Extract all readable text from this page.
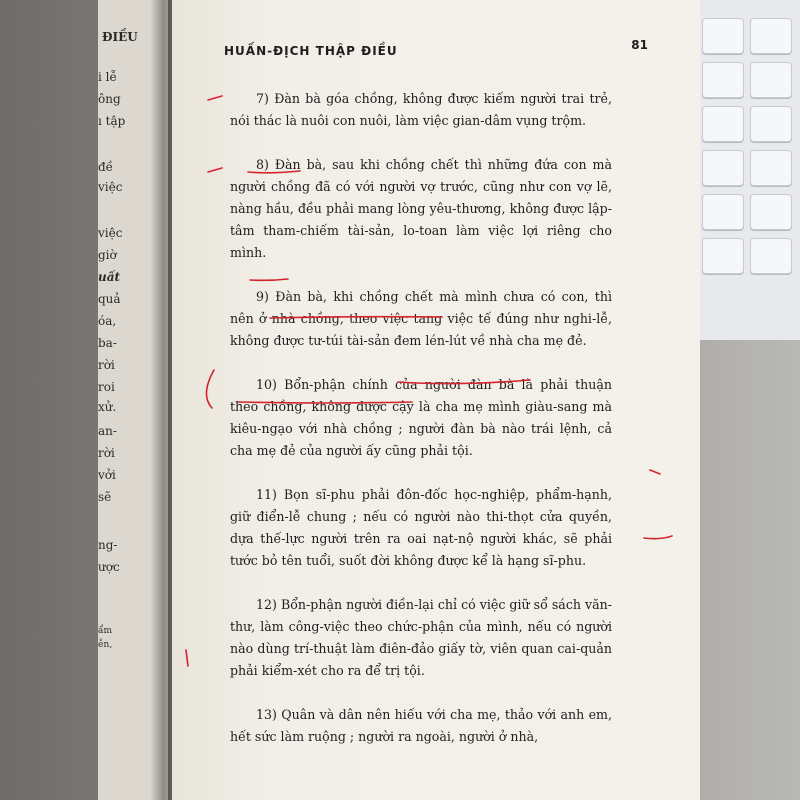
ĐIỀU
i lễ
ông
ı tập
đề
việc
việc
giờ
uất
quả
óa,
ba-
rời
roi
xử.
an-
rời
vởi
sẽ
ng-
ược
ẩm
ễn,
HUẤN-ĐỊCH THẬP ĐIỀU	81

7) Đàn bà góa chồng, không được kiếm người trai trẻ, nói thác là nuôi con nuôi, làm việc gian-dâm vụng trộm.

8) Đàn bà, sau khi chồng chết thì những đứa con mà người chồng đã có với người vợ trước, cũng như con vợ lẽ, nàng hầu, đều phải mang lòng yêu-thương, không được lập-tâm tham-chiếm tài-sản, lo-toan làm việc lợi riêng cho mình.

9) Đàn bà, khi chồng chết mà mình chưa có con, thì nên ở nhà chồng, theo việc tang việc tế đúng như nghi-lễ, không được tư-túi tài-sản đem lén-lút về nhà cha mẹ đẻ.

10) Bổn-phận chính của người đàn bà là phải thuận theo chồng, không được cậy là cha mẹ mình giàu-sang mà kiêu-ngạo với nhà chồng ; người đàn bà nào trái lệnh, cả cha mẹ đẻ của người ấy cũng phải tội.

11) Bọn sĩ-phu phải đôn-đốc học-nghiệp, phẩm-hạnh, giữ điển-lễ chung ; nếu có người nào thi-thọt cửa quyền, dựa thế-lực người trên ra oai nạt-nộ người khác, sẽ phải tước bỏ tên tuổi, suốt đời không được kể là hạng sĩ-phu.

12) Bổn-phận người điền-lại chỉ có việc giữ sổ sách văn-thư, làm công-việc theo chức-phận của mình, nếu có người nào dùng trí-thuật làm điên-đảo giấy tờ, viên quan cai-quản phải kiểm-xét cho ra để trị tội.

13) Quân và dân nên hiếu với cha mẹ, thảo với anh em, hết sức làm ruộng ; người ra ngoài, người ở nhà,
